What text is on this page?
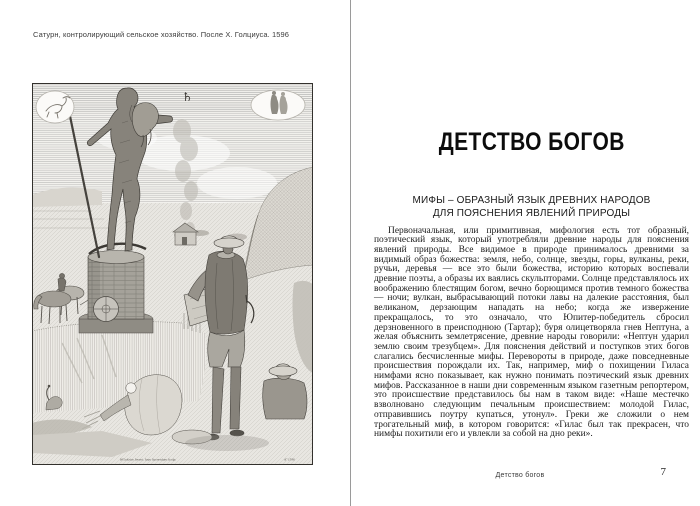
Сатурн, контролирующий сельское хозяйство. После Х. Голциуса. 1596
♄
HGoltzius Invent. Ioan Saenredam Sculp.	Aº 1596
ДЕТСТВО БОГОВ
МИФЫ – ОБРАЗНЫЙ ЯЗЫК ДРЕВНИХ НАРОДОВ
ДЛЯ ПОЯСНЕНИЯ ЯВЛЕНИЙ ПРИРОДЫ

Первоначальная, или примитивная, мифология есть тот образный, поэтический язык, который употребляли древние народы для пояснения явлений природы. Все видимое в природе принималось древними за видимый образ божества: земля, небо, солнце, звезды, горы, вулканы, реки, ручьи, деревья — все это были божества, историю которых воспевали древние поэты, а образы их ваялись скульпторами. Солнце представлялось их воображению блестящим богом, вечно борющимся против темного божества — ночи; вулкан, выбрасывающий потоки лавы на далекие расстояния, был великаном, дерзающим нападать на небо; когда же извержение прекращалось, то это означало, что Юпитер-победитель сбросил дерзновенного в преисподнюю (Тартар); буря олицетворяла гнев Нептуна, а желая объяснить землетрясение, древние народы говорили: «Нептун ударил землю своим трезубцем». Для пояснения действий и поступков этих богов слагались бесчисленные мифы. Перевороты в природе, даже повседневные происшествия порождали их. Так, например, миф о похищении Гиласа нимфами ясно показывает, как нужно понимать поэтический язык древних мифов. Рассказанное в наши дни современным языком газетным репортером, это происшествие представилось бы нам в таком виде: «Наше местечко взволновано следующим печальным происшествием: молодой Гилас, отправившись поутру купаться, утонул». Греки же сложили о нем трогательный миф, в котором говорится: «Гилас был так прекрасен, что нимфы похитили его и увлекли за собой на дно реки».

Детство богов	7
